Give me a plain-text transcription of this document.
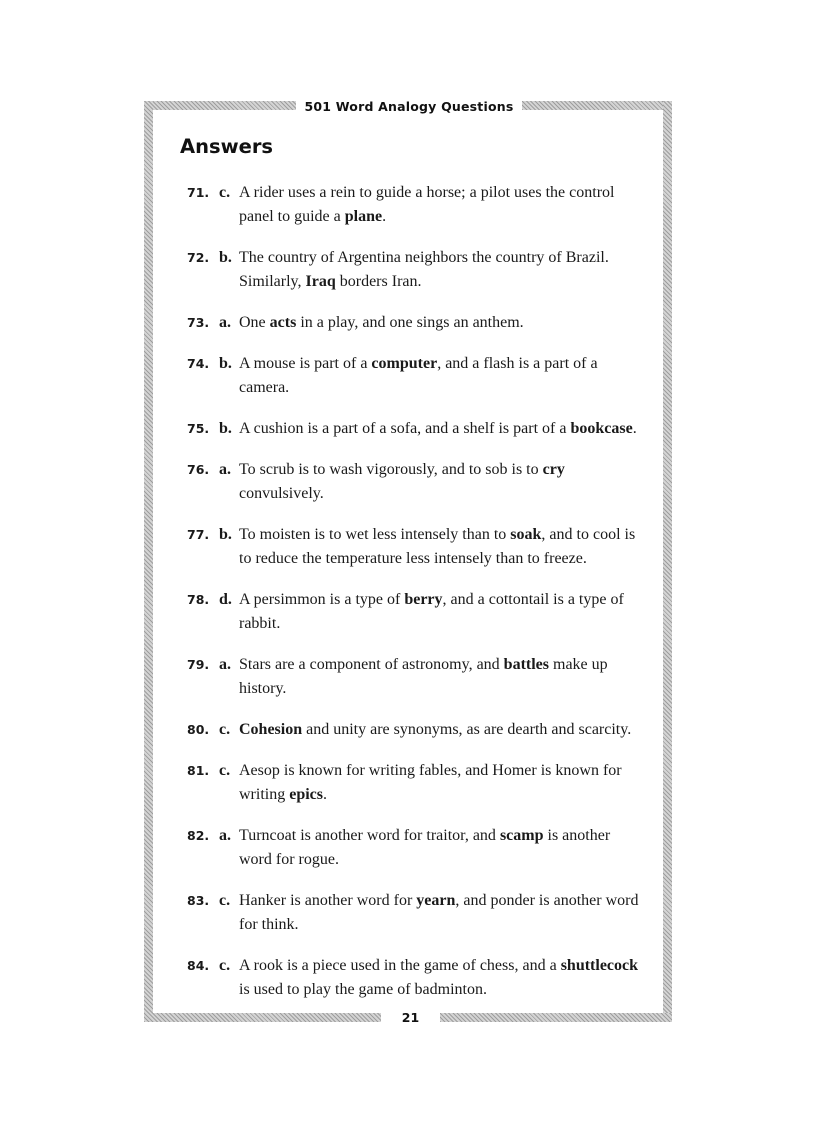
501 Word Analogy Questions
Answers
71. c. A rider uses a rein to guide a horse; a pilot uses the control panel to guide a plane.
72. b. The country of Argentina neighbors the country of Brazil. Similarly, Iraq borders Iran.
73. a. One acts in a play, and one sings an anthem.
74. b. A mouse is part of a computer, and a flash is a part of a camera.
75. b. A cushion is a part of a sofa, and a shelf is part of a bookcase.
76. a. To scrub is to wash vigorously, and to sob is to cry convulsively.
77. b. To moisten is to wet less intensely than to soak, and to cool is to reduce the temperature less intensely than to freeze.
78. d. A persimmon is a type of berry, and a cottontail is a type of rabbit.
79. a. Stars are a component of astronomy, and battles make up history.
80. c. Cohesion and unity are synonyms, as are dearth and scarcity.
81. c. Aesop is known for writing fables, and Homer is known for writing epics.
82. a. Turncoat is another word for traitor, and scamp is another word for rogue.
83. c. Hanker is another word for yearn, and ponder is another word for think.
84. c. A rook is a piece used in the game of chess, and a shuttlecock is used to play the game of badminton.
21
